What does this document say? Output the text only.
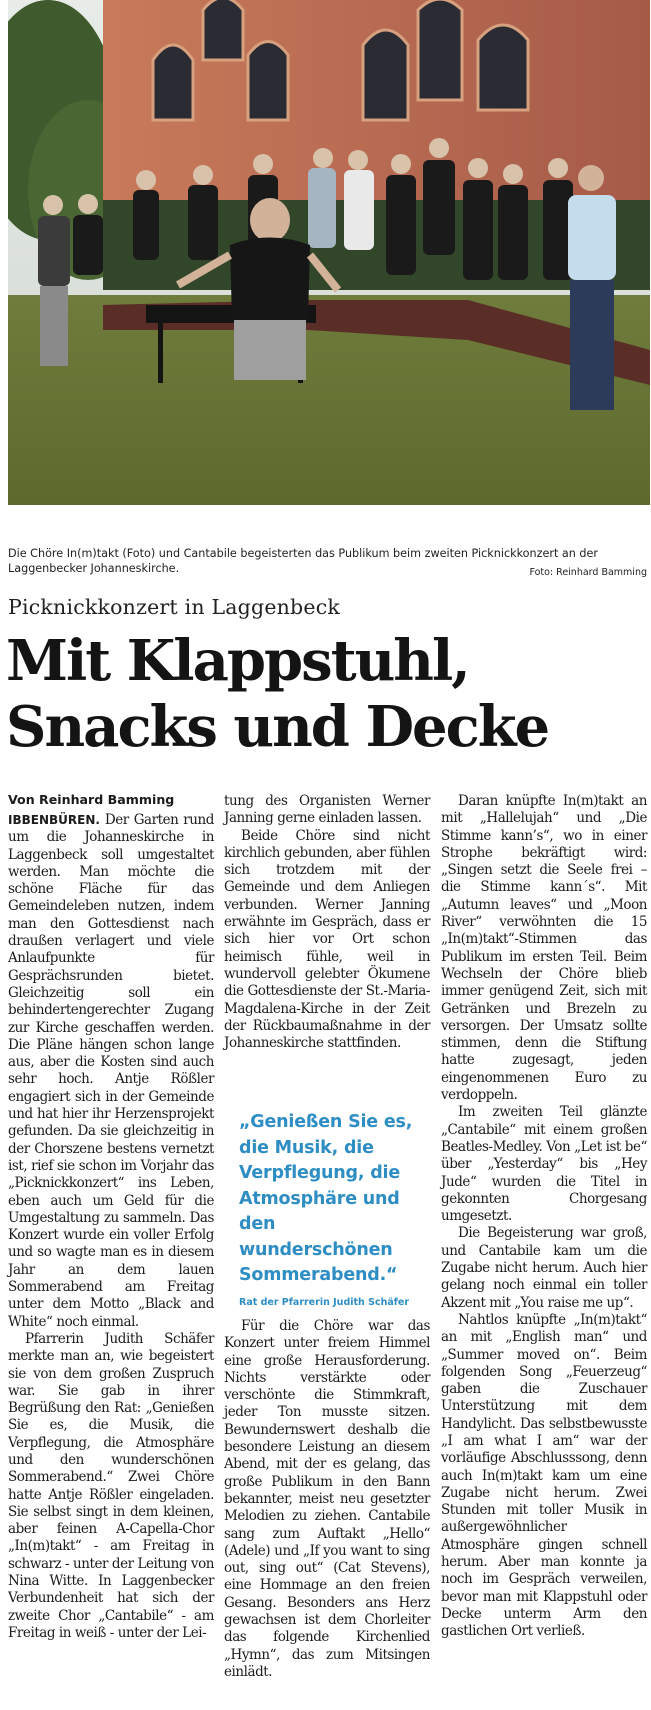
Die Chöre In(m)takt (Foto) und Cantabile begeisterten das Publikum beim zweiten Picknickkonzert an der Laggenbecker Johanneskirche.	Foto: Reinhard Bamming
Picknickkonzert in Laggenbeck
Mit Klappstuhl,
Snacks und Decke
Von Reinhard Bamming

IBBENBÜREN. Der Garten rund um die Johanneskirche in Laggenbeck soll umgestaltet werden. Man möchte die schöne Fläche für das Gemeindeleben nutzen, indem man den Gottesdienst nach draußen verlagert und viele Anlaufpunkte für Gesprächsrunden bietet. Gleichzeitig soll ein behindertengerechter Zugang zur Kirche geschaffen werden. Die Pläne hängen schon lange aus, aber die Kosten sind auch sehr hoch. Antje Rößler engagiert sich in der Gemeinde und hat hier ihr Herzensprojekt gefunden. Da sie gleichzeitig in der Chorszene bestens vernetzt ist, rief sie schon im Vorjahr das „Picknickkonzert“ ins Leben, eben auch um Geld für die Umgestaltung zu sammeln. Das Konzert wurde ein voller Erfolg und so wagte man es in diesem Jahr an dem lauen Sommerabend am Freitag unter dem Motto „Black and White“ noch einmal.

Pfarrerin Judith Schäfer merkte man an, wie begeistert sie von dem großen Zuspruch war. Sie gab in ihrer Begrüßung den Rat: „Genießen Sie es, die Musik, die Verpflegung, die Atmosphäre und den wunderschönen Sommerabend.“ Zwei Chöre hatte Antje Rößler eingeladen. Sie selbst singt in dem kleinen, aber feinen A-Capella-Chor „In(m)takt“ - am Freitag in schwarz - unter der Leitung von Nina Witte. In Laggenbecker Verbundenheit hat sich der zweite Chor „Cantabile“ - am Freitag in weiß - unter der Lei-

tung des Organisten Werner Janning gerne einladen lassen.

Beide Chöre sind nicht kirchlich gebunden, aber fühlen sich trotzdem mit der Gemeinde und dem Anliegen verbunden. Werner Janning erwähnte im Gespräch, dass er sich hier vor Ort schon heimisch fühle, weil in wundervoll gelebter Ökumene die Gottesdienste der St.-Maria-Magdalena-Kirche in der Zeit der Rückbaumaßnahme in der Johanneskirche stattfinden.

„Genießen Sie es, die Musik, die Verpflegung, die Atmosphäre und den wunderschönen Sommerabend.“
Rat der Pfarrerin Judith Schäfer

Für die Chöre war das Konzert unter freiem Himmel eine große Herausforderung. Nichts verstärkte oder verschönte die Stimmkraft, jeder Ton musste sitzen. Bewundernswert deshalb die besondere Leistung an diesem Abend, mit der es gelang, das große Publikum in den Bann bekannter, meist neu gesetzter Melodien zu ziehen. Cantabile sang zum Auftakt „Hello“ (Adele) und „If you want to sing out, sing out“ (Cat Stevens), eine Hommage an den freien Gesang. Besonders ans Herz gewachsen ist dem Chorleiter das folgende Kirchenlied „Hymn“, das zum Mitsingen einlädt.

Daran knüpfte In(m)takt an mit „Hallelujah“ und „Die Stimme kann’s“, wo in einer Strophe bekräftigt wird: „Singen setzt die Seele frei – die Stimme kann´s“. Mit „Autumn leaves“ und „Moon River“ verwöhnten die 15 „In(m)takt“-Stimmen das Publikum im ersten Teil. Beim Wechseln der Chöre blieb immer genügend Zeit, sich mit Getränken und Brezeln zu versorgen. Der Umsatz sollte stimmen, denn die Stiftung hatte zugesagt, jeden eingenommenen Euro zu verdoppeln.

Im zweiten Teil glänzte „Cantabile“ mit einem großen Beatles-Medley. Von „Let ist be“ über „Yesterday“ bis „Hey Jude“ wurden die Titel in gekonnten Chorgesang umgesetzt.

Die Begeisterung war groß, und Cantabile kam um die Zugabe nicht herum. Auch hier gelang noch einmal ein toller Akzent mit „You raise me up“.

Nahtlos knüpfte „In(m)takt“ an mit „English man“ und „Summer moved on“. Beim folgenden Song „Feuerzeug“ gaben die Zuschauer Unterstützung mit dem Handylicht. Das selbstbewusste „I am what I am“ war der vorläufige Abschlusssong, denn auch In(m)takt kam um eine Zugabe nicht herum. Zwei Stunden mit toller Musik in außergewöhnlicher Atmosphäre gingen schnell herum. Aber man konnte ja noch im Gespräch verweilen, bevor man mit Klappstuhl oder Decke unterm Arm den gastlichen Ort verließ.
